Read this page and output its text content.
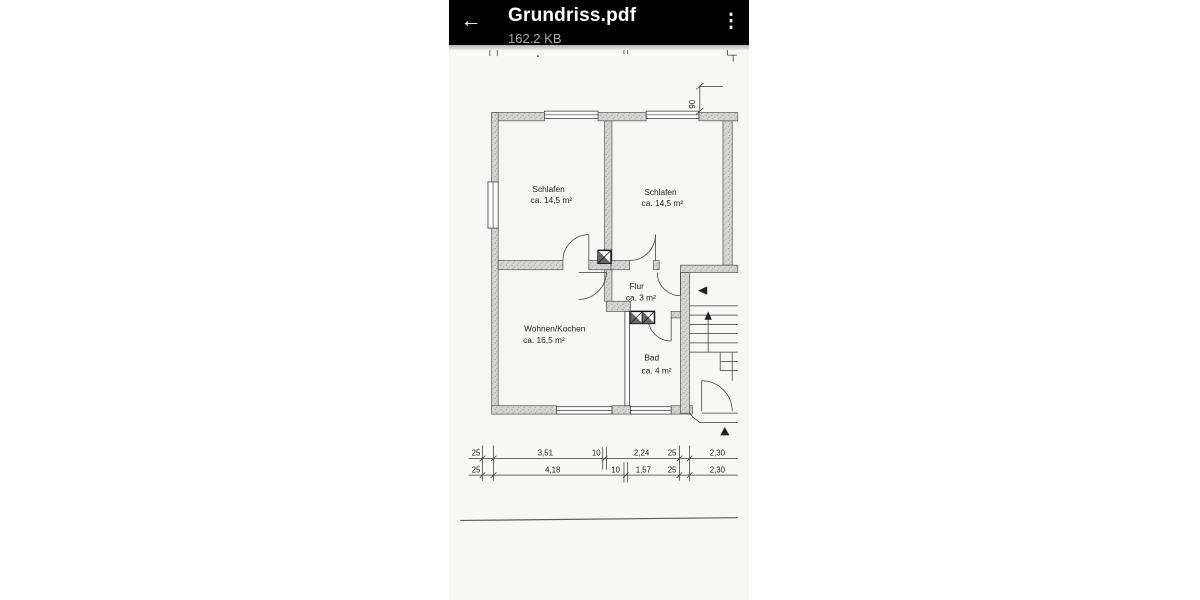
← Grundriss.pdf
162.2 KB
⋮
90
Schlafen
ca. 14,5 m²
Schlafen
ca. 14,5 m²
Flur
ca. 3 m²
Wohnen/Kochen
ca. 16,5 m²
Bad
ca. 4 m²
25	3,51	10	2,24 25	2,30
25	4,18	10 1,57 25	2,30
